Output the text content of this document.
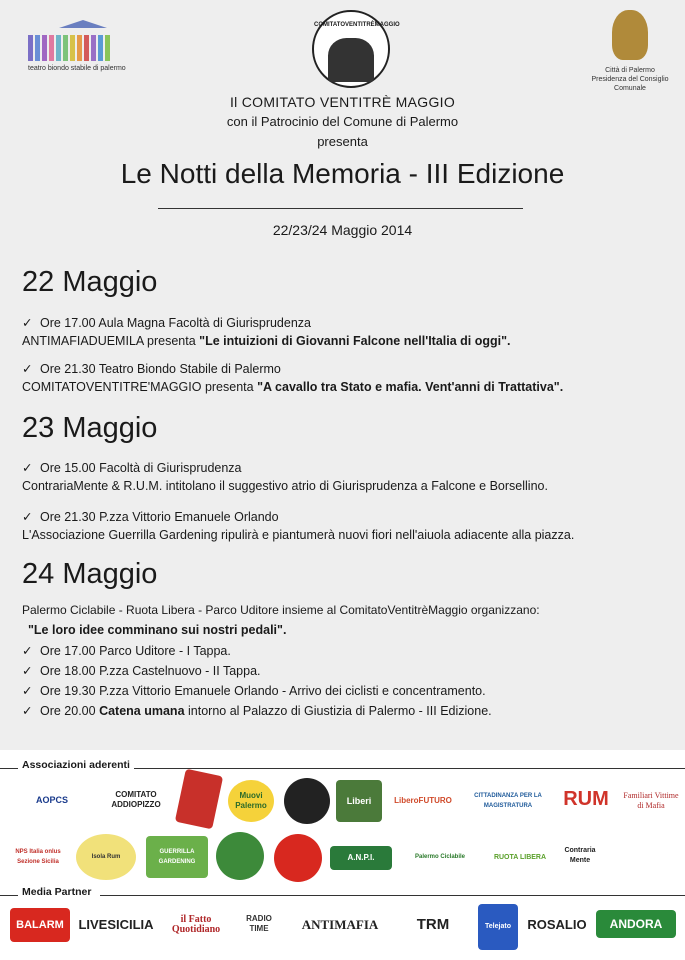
teatro biondo stabile di palermo
COMITATOVENTITRÈMAGGIO
Città di Palermo
Presidenza del Consiglio Comunale
Il COMITATO VENTITRÈ MAGGIO
con il Patrocinio del Comune di Palermo
presenta
Le Notti della Memoria - III Edizione
22/23/24 Maggio 2014
22 Maggio
✓ Ore 17.00 Aula Magna Facoltà di Giurisprudenza
ANTIMAFIADUEMILA presenta "Le intuizioni di Giovanni Falcone nell'Italia di oggi".
✓ Ore 21.30 Teatro Biondo Stabile di Palermo
COMITATOVENTITRE'MAGGIO presenta "A cavallo tra Stato e mafia. Vent'anni di Trattativa".
23 Maggio
✓ Ore 15.00 Facoltà di Giurisprudenza
ContrariaMente & R.U.M. intitolano il suggestivo atrio di Giurisprudenza a Falcone e Borsellino.
✓ Ore 21.30 P.zza Vittorio Emanuele Orlando
L'Associazione Guerrilla Gardening ripulirà e piantumerà nuovi fiori nell'aiuola adiacente alla piazza.
24 Maggio
Palermo Ciclabile - Ruota Libera - Parco Uditore insieme al ComitatoVentitrèMaggio organizzano:
"Le loro idee comminano sui nostri pedali".
✓ Ore 17.00 Parco Uditore - I Tappa.
✓ Ore 18.00 P.zza Castelnuovo - II Tappa.
✓ Ore 19.30 P.zza Vittorio Emanuele Orlando - Arrivo dei ciclisti e concentramento.
✓ Ore 20.00 Catena umana intorno al Palazzo di Giustizia di Palermo - III Edizione.
Associazioni aderenti
AOPCS
COMITATO ADDIOPIZZO
Muovi Palermo	Liberi	LiberoFUTURO	CITTADINANZA PER LA MAGISTRATURA	RUM	Familiari Vittime di Mafia
NPS Italia onlus Sezione Sicilia
Isola Rum
GUERRILLA GARDENING	A.N.P.I.	Palermo Ciclabile	RUOTA LIBERA
Contraria Mente
Media Partner
BALARM	LIVESICILIA	il Fatto Quotidiano
RADIO TIME	ANTIMAFIA	TRM	Telejato	ROSALIO	ANDORA
